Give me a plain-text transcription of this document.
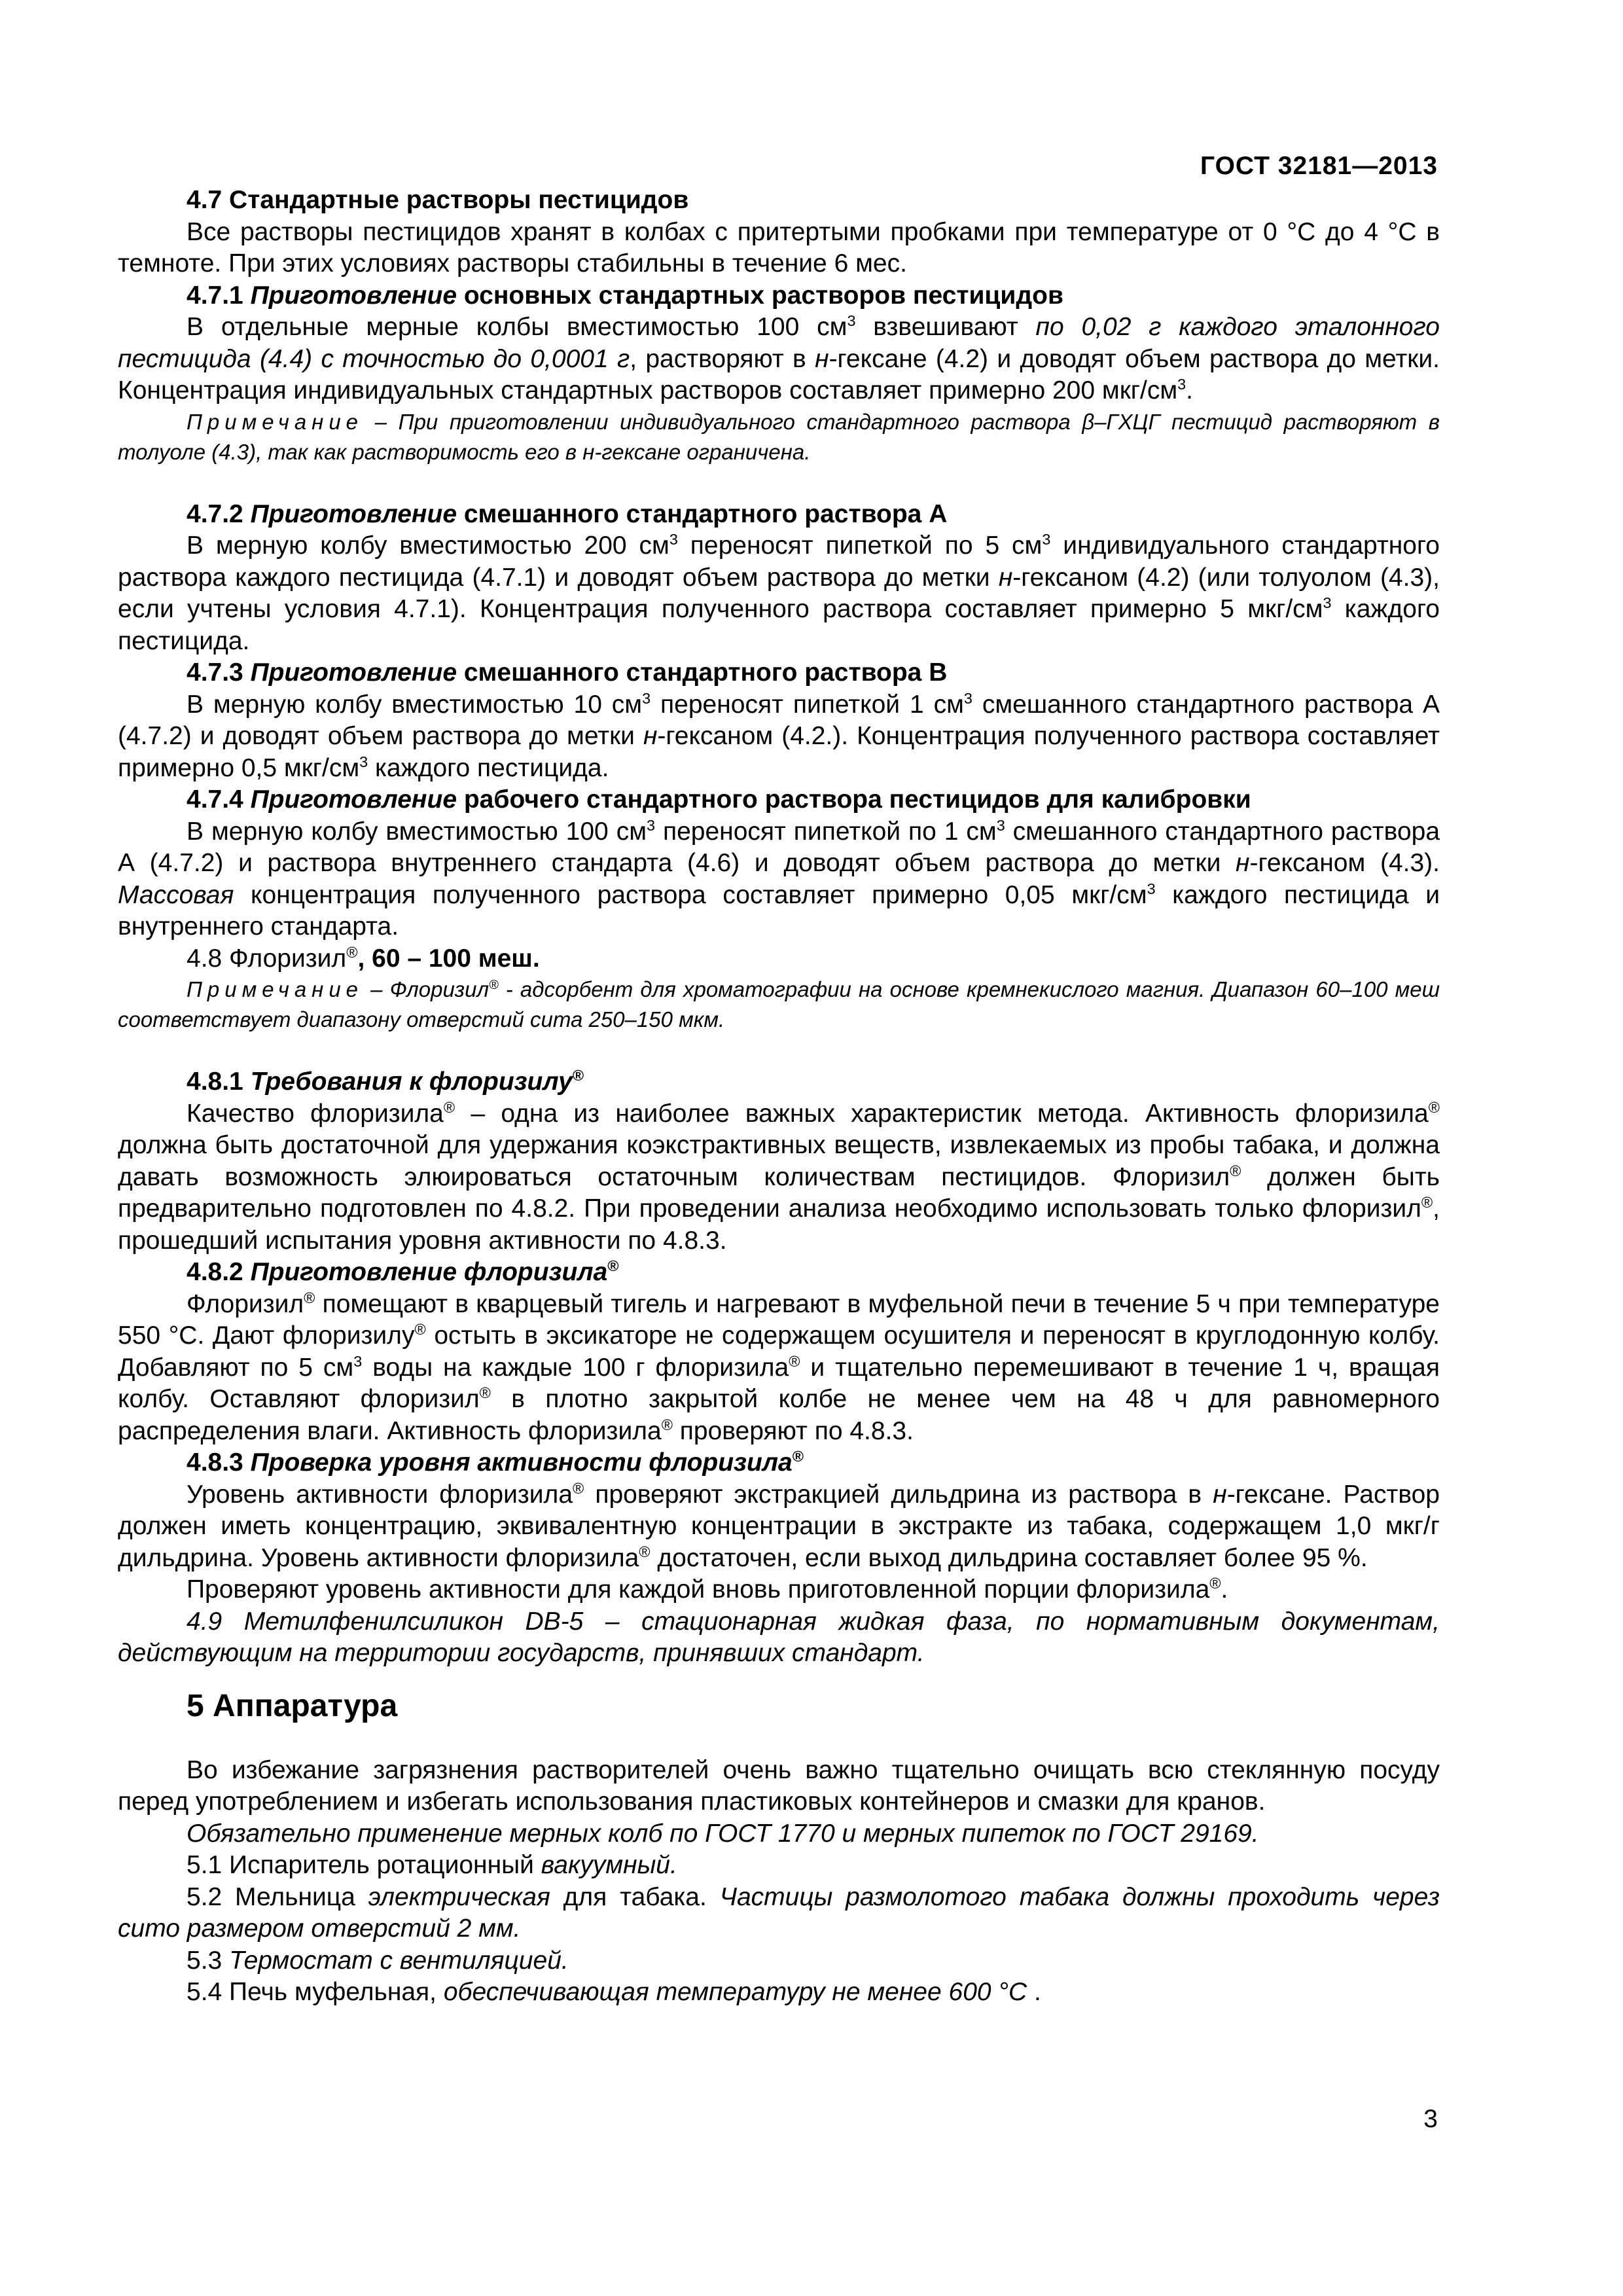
ГОСТ 32181—2013
4.7 Стандартные растворы пестицидов

Все растворы пестицидов хранят в колбах с притертыми пробками при температуре от 0 °С до 4 °С в темноте. При этих условиях растворы стабильны в течение 6 мес.

4.7.1 Приготовление основных стандартных растворов пестицидов

В отдельные мерные колбы вместимостью 100 $см^3$ взвешивают по 0,02 г каждого эталонного пестицида (4.4) с точностью до 0,0001 г, растворяют в н-гексане (4.2) и доводят объем раствора до метки. Концентрация индивидуальных стандартных растворов составляет примерно 200 мкг/$см^3$.

Примечание – При приготовлении индивидуального стандартного раствора β–ГХЦГ пестицид растворяют в толуоле (4.3), так как растворимость его в н-гексане ограничена.

4.7.2 Приготовление смешанного стандартного раствора А

В мерную колбу вместимостью 200 $см^3$ переносят пипеткой по 5 $см^3$ индивидуального стандартного раствора каждого пестицида (4.7.1) и доводят объем раствора до метки н-гексаном (4.2) (или толуолом (4.3), если учтены условия 4.7.1). Концентрация полученного раствора составляет примерно 5 мкг/$см^3$ каждого пестицида.

4.7.3 Приготовление смешанного стандартного раствора В

В мерную колбу вместимостью 10 $см^3$ переносят пипеткой 1 $см^3$ смешанного стандартного раствора А (4.7.2) и доводят объем раствора до метки н-гексаном (4.2.). Концентрация полученного раствора составляет примерно 0,5 мкг/$см^3$ каждого пестицида.

4.7.4 Приготовление рабочего стандартного раствора пестицидов для калибровки

В мерную колбу вместимостью 100 $см^3$ переносят пипеткой по 1 $см^3$ смешанного стандартного раствора А (4.7.2) и раствора внутреннего стандарта (4.6) и доводят объем раствора до метки н-гексаном (4.3). Массовая концентрация полученного раствора составляет примерно 0,05 мкг/$см^3$ каждого пестицида и внутреннего стандарта.

4.8 Флоризил®, 60 – 100 меш.

Примечание – Флоризил® - адсорбент для хроматографии на основе кремнекислого магния. Диапазон 60–100 меш соответствует диапазону отверстий сита 250–150 мкм.

4.8.1 Требования к флоризилу®

Качество флоризила® – одна из наиболее важных характеристик метода. Активность флоризила® должна быть достаточной для удержания коэкстрактивных веществ, извлекаемых из пробы табака, и должна давать возможность элюироваться остаточным количествам пестицидов. Флоризил® должен быть предварительно подготовлен по 4.8.2. При проведении анализа необходимо использовать только флоризил®, прошедший испытания уровня активности по 4.8.3.

4.8.2 Приготовление флоризила®

Флоризил® помещают в кварцевый тигель и нагревают в муфельной печи в течение 5 ч при температуре 550 °С. Дают флоризилу® остыть в эксикаторе не содержащем осушителя и переносят в круглодонную колбу. Добавляют по 5 $см^3$ воды на каждые 100 г флоризила® и тщательно перемешивают в течение 1 ч, вращая колбу. Оставляют флоризил® в плотно закрытой колбе не менее чем на 48 ч для равномерного распределения влаги. Активность флоризила® проверяют по 4.8.3.

4.8.3 Проверка уровня активности флоризила®

Уровень активности флоризила® проверяют экстракцией дильдрина из раствора в н-гексане. Раствор должен иметь концентрацию, эквивалентную концентрации в экстракте из табака, содержащем 1,0 мкг/г дильдрина. Уровень активности флоризила® достаточен, если выход дильдрина составляет более 95 %.

Проверяют уровень активности для каждой вновь приготовленной порции флоризила®.

4.9 Метилфенилсиликон DB-5 – стационарная жидкая фаза, по нормативным документам, действующим на территории государств, принявших стандарт.

5 Аппаратура

Во избежание загрязнения растворителей очень важно тщательно очищать всю стеклянную посуду перед употреблением и избегать использования пластиковых контейнеров и смазки для кранов.

Обязательно применение мерных колб по ГОСТ 1770 и мерных пипеток по ГОСТ 29169.

5.1 Испаритель ротационный вакуумный.

5.2 Мельница электрическая для табака. Частицы размолотого табака должны проходить через сито размером отверстий 2 мм.

5.3 Термостат с вентиляцией.

5.4 Печь муфельная, обеспечивающая температуру не менее 600 °С .

3
